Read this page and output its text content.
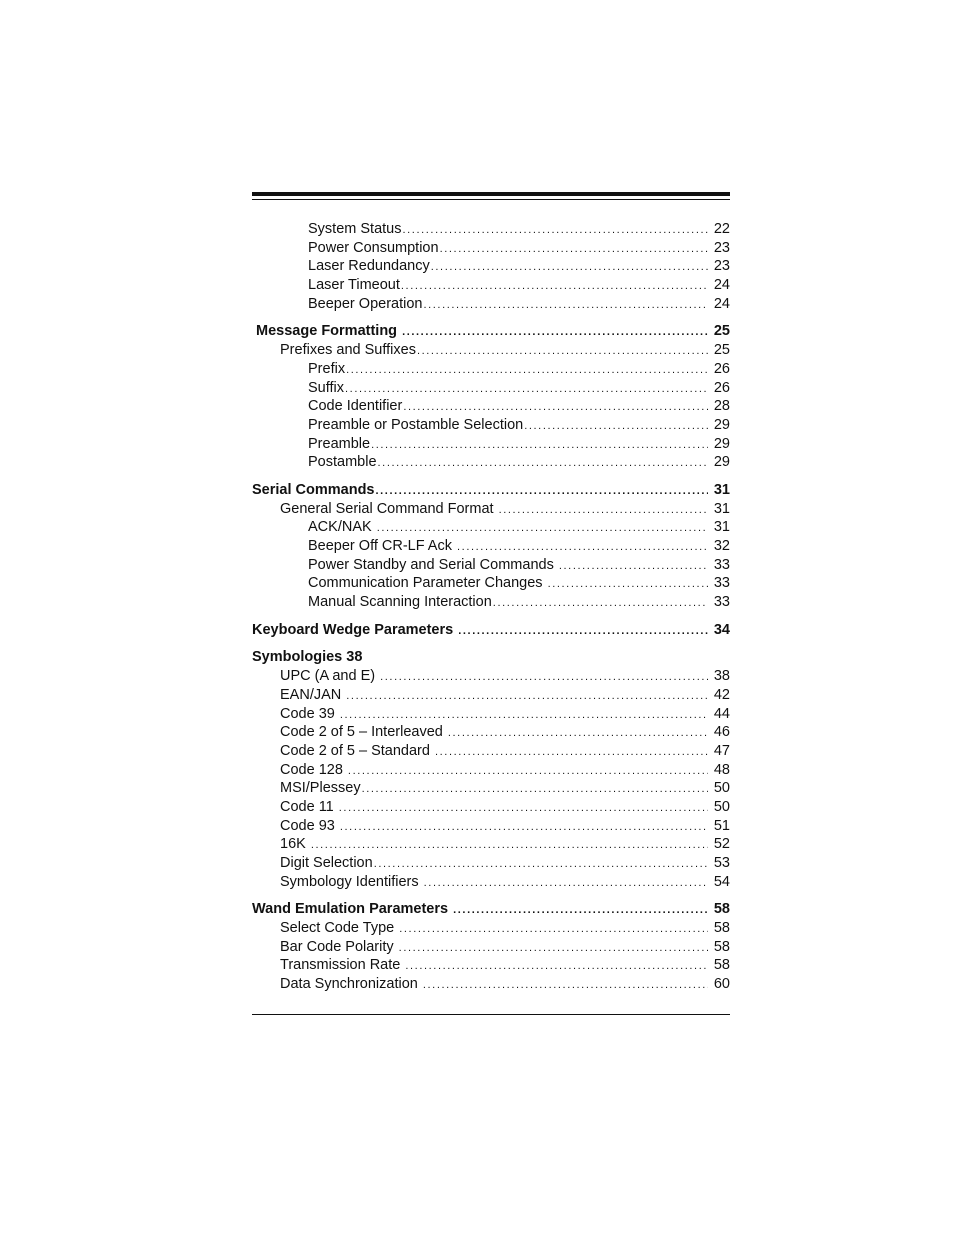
System Status .....	22
Power Consumption .....	23
Laser Redundancy .....	23
Laser Timeout .....	24
Beeper Operation .....	24
Message Formatting .....	25
Prefixes and Suffixes .....	25
Prefix .....	26
Suffix .....	26
Code Identifier .....	28
Preamble or Postamble Selection .....	29
Preamble .....	29
Postamble .....	29
Serial Commands .....	31
General Serial Command Format .....	31
ACK/NAK .....	31
Beeper Off CR-LF Ack .....	32
Power Standby and Serial Commands .....	33
Communication Parameter Changes .....	33
Manual Scanning Interaction .....	33
Keyboard Wedge Parameters .....	34
Symbologies 38
UPC (A and E) .....	38
EAN/JAN .....	42
Code 39 .....	44
Code 2 of 5 – Interleaved .....	46
Code 2 of 5 – Standard .....	47
Code 128 .....	48
MSI/Plessey .....	50
Code 11 .....	50
Code 93 .....	51
16K .....	52
Digit Selection .....	53
Symbology Identifiers .....	54
Wand Emulation Parameters .....	58
Select Code Type .....	58
Bar Code Polarity .....	58
Transmission Rate .....	58
Data Synchronization .....	60
